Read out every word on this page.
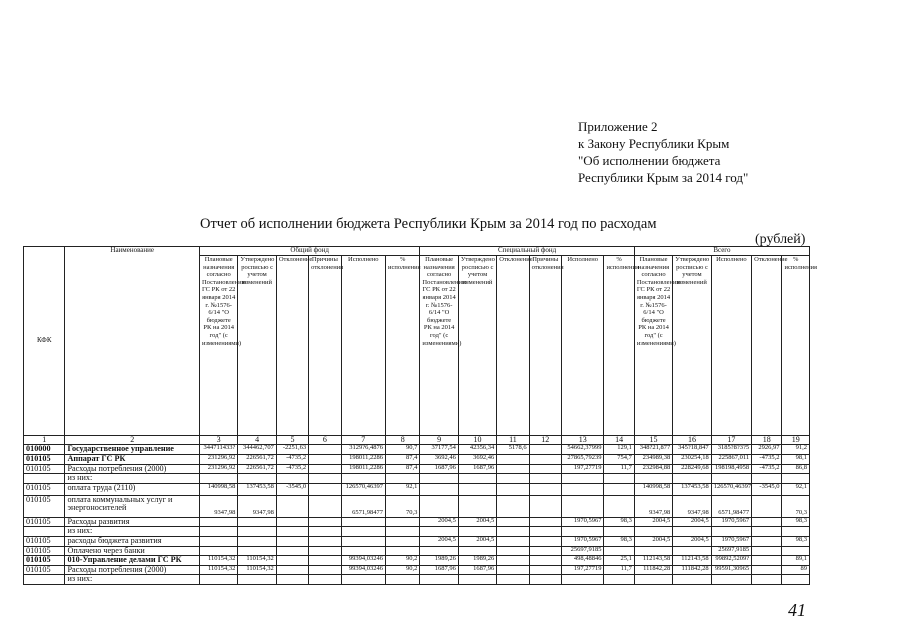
Приложение 2
к Закону Республики Крым
"Об исполнении бюджета
Республики Крым за 2014 год"
Отчет об исполнении бюджета Республики Крым за 2014 год по расходам
(рублей)
КФК	Наименование	Общий фонд						Специальный фонд						Всего				
		Плановые назначения согласно Постановлению ГС РК от 22 января 2014 г. №1576-6/14 "О бюджете РК на 2014 год" (с изменениями)	Утвержденo росписью с учетом изменений	Отклонение	Причины отклонения	Исполнено	% исполнения	Плановые назначения согласно Постановлению ГС РК от 22 января 2014 г. №1576-6/14 "О бюджете РК на 2014 год" (с изменениями)	Утвержденo росписью с учетом изменений	Отклонение	Причины отклонения	Исполнено	% исполнения	Плановые назначения согласно Постановлению ГС РК от 22 января 2014 г. №1576-6/14 "О бюджете РК на 2014 год" (с изменениями)	Утвержденo росписью с учетом изменений	Исполнено	Отклонение	% исполнения
1	2	3	4	5	6	7	8	9	10	11	12	13	14	15	16	17	18	19
010000	Государственное управление	344711433?	344462,707	-2251,63		3129?6,4876	90,7	37177,54	42356,34	5178,6		54662,37999	129,1	348?21,877	345?18,847	3185?8?3?5	2926,97	91,2
010105	Аппарат ГС РК	231296,92	226561,72	-4735,2		198011,2286	87,4	3692,46	3692,46			27865,79239	754,7	234989,38	230254,18	225867,011	-4735,2	98,1
010105	Расходы потребления (2000)	231296,92	226561,72	-4735,2		198011,2286	87,4	1687,96	1687,96			197,27719	11,7	232984,88	228249,68	198198,4958	-4735,2	86,8
	из них:																	
010105	оплата труда (2110)	140998,58	137453,58	-3545,0		126570,46397	92,1							140998,58	137453,58	126570,46397	-3545,0	92,1
010105	оплата коммунальных услуг и энергоносителей	9347,98	9347,98			6571,98477	70,3							9347,98	9347,98	6571,98477		70,3
010105	Расходы развития							2004,5	2004,5			1970,5967	98,3	2004,5	2004,5	1970,5967		98,3
	из них:																	
010105	расходы бюджета развития							2004,5	2004,5			1970,5967	98,3	2004,5	2004,5	1970,5967		98,3
010105	Оплачено через банки											25697,9185				25697,9185		
010105	010-Управление делами ГС РК	110154,32	110154,32			99394,03246	90,2	1989,26	1989,26			498,48846	25,1	112143,58	112143,58	99892,5209?		89,1
010105	Расходы потребления (2000)	110154,32	110154,32			99394,03246	90,2	1687,96	1687,96			197,27719	11,7	111842,28	111842,28	99591,30965		89
	из них:																	
41
